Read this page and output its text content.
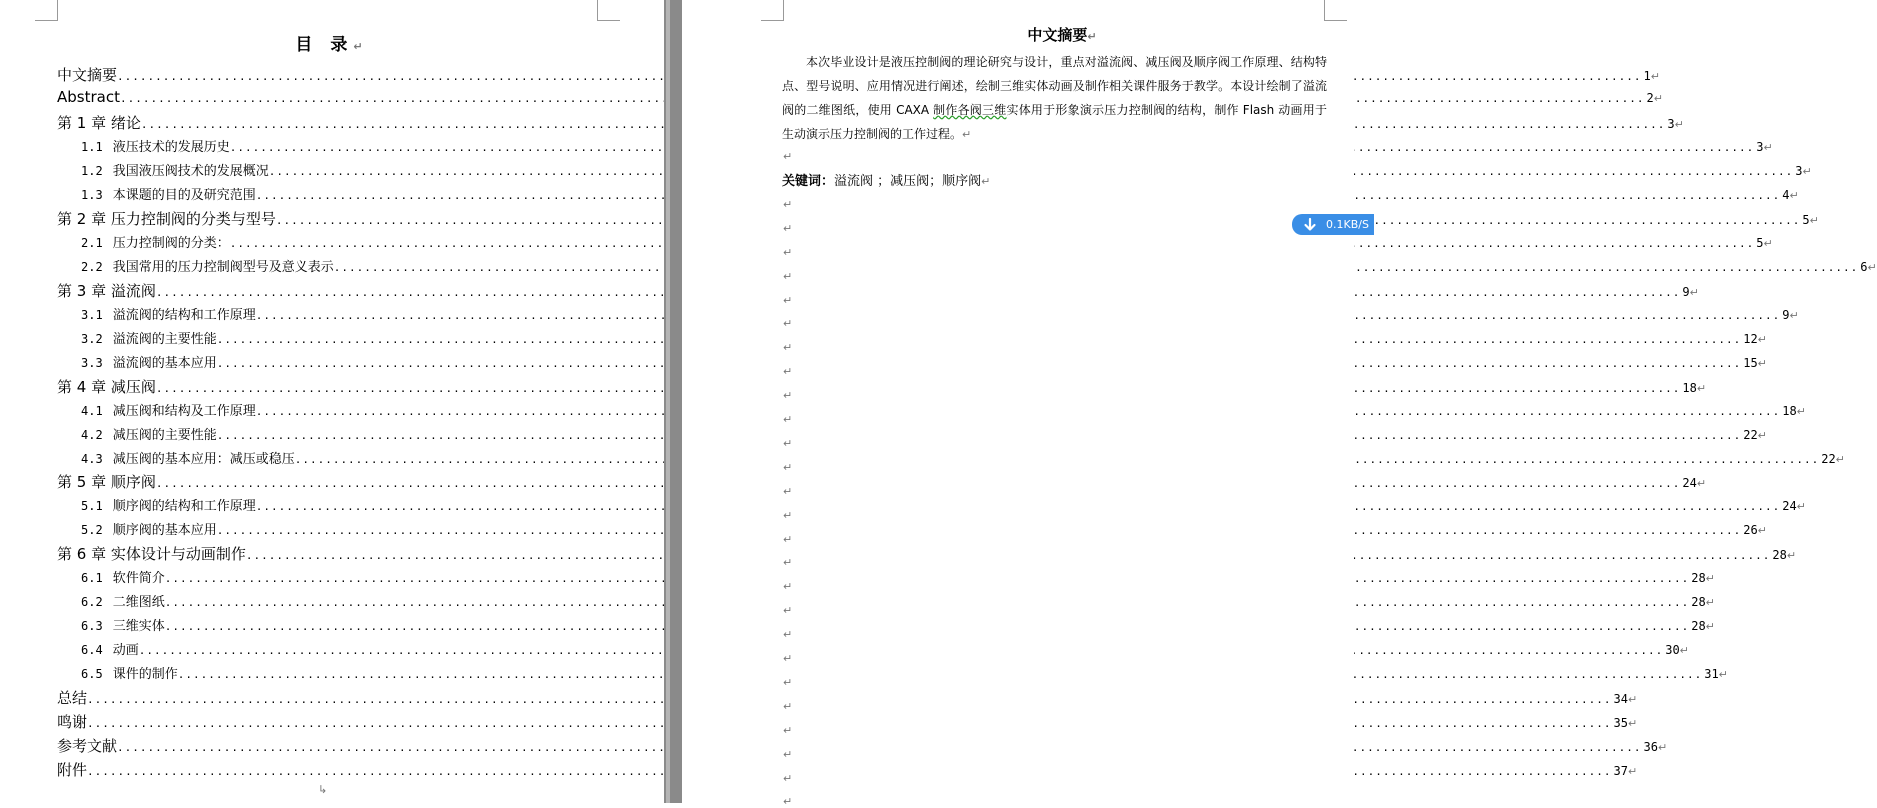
目 录↵
中文摘要 .....	1 ↵
Abstract .....	2 ↵
第 1 章 绪论 .....	3 ↵
1.1 液压技术的发展历史 .....	3 ↵
1.2 我国液压阀技术的发展概况 .....	3 ↵
1.3 本课题的目的及研究范围 .....	4 ↵
第 2 章 压力控制阀的分类与型号 .....	5 ↵
2.1 压力控制阀的分类： .....	5 ↵
2.2 我国常用的压力控制阀型号及意义表示 .....	6 ↵
第 3 章 溢流阀 .....	9 ↵
3.1 溢流阀的结构和工作原理 .....	9 ↵
3.2 溢流阀的主要性能 .....	12 ↵
3.3 溢流阀的基本应用 .....	15 ↵
第 4 章 减压阀 .....	18 ↵
4.1 减压阀和结构及工作原理 .....	18 ↵
4.2 减压阀的主要性能 .....	22 ↵
4.3 减压阀的基本应用：减压或稳压 .....	22 ↵
第 5 章 顺序阀 .....	24 ↵
5.1 顺序阀的结构和工作原理 .....	24 ↵
5.2 顺序阀的基本应用 .....	26 ↵
第 6 章 实体设计与动画制作 .....	28 ↵
6.1 软件简介 .....	28 ↵
6.2 二维图纸 .....	28 ↵
6.3 三维实体 .....	28 ↵
6.4 动画 .....	30 ↵
6.5 课件的制作 .....	31 ↵
总结 .....	34 ↵
鸣谢 .....	35 ↵
参考文献 .....	36 ↵
附件 .....	37 ↵
↳
中文摘要↵
本次毕业设计是液压控制阀的理论研究与设计，重点对溢流阀、减压阀及顺序阀工作原理、结构特点、型号说明、应用情况进行阐述，绘制三维实体动画及制作相关课件服务于教学。本设计绘制了溢流阀的二维图纸，使用 CAXA 制作各阀三维实体用于形象演示压力控制阀的结构，制作 Flash 动画用于生动演示压力控制阀的工作过程。↵
↵
关键词：溢流阀 ；减压阀；顺序阀↵
↵
↵
↵
↵
↵
↵
↵
↵
↵
↵
↵
↵
↵
↵
↵
↵
↵
↵
↵
↵
↵
↵
↵
↵
↵
↵
0.1KB/S
